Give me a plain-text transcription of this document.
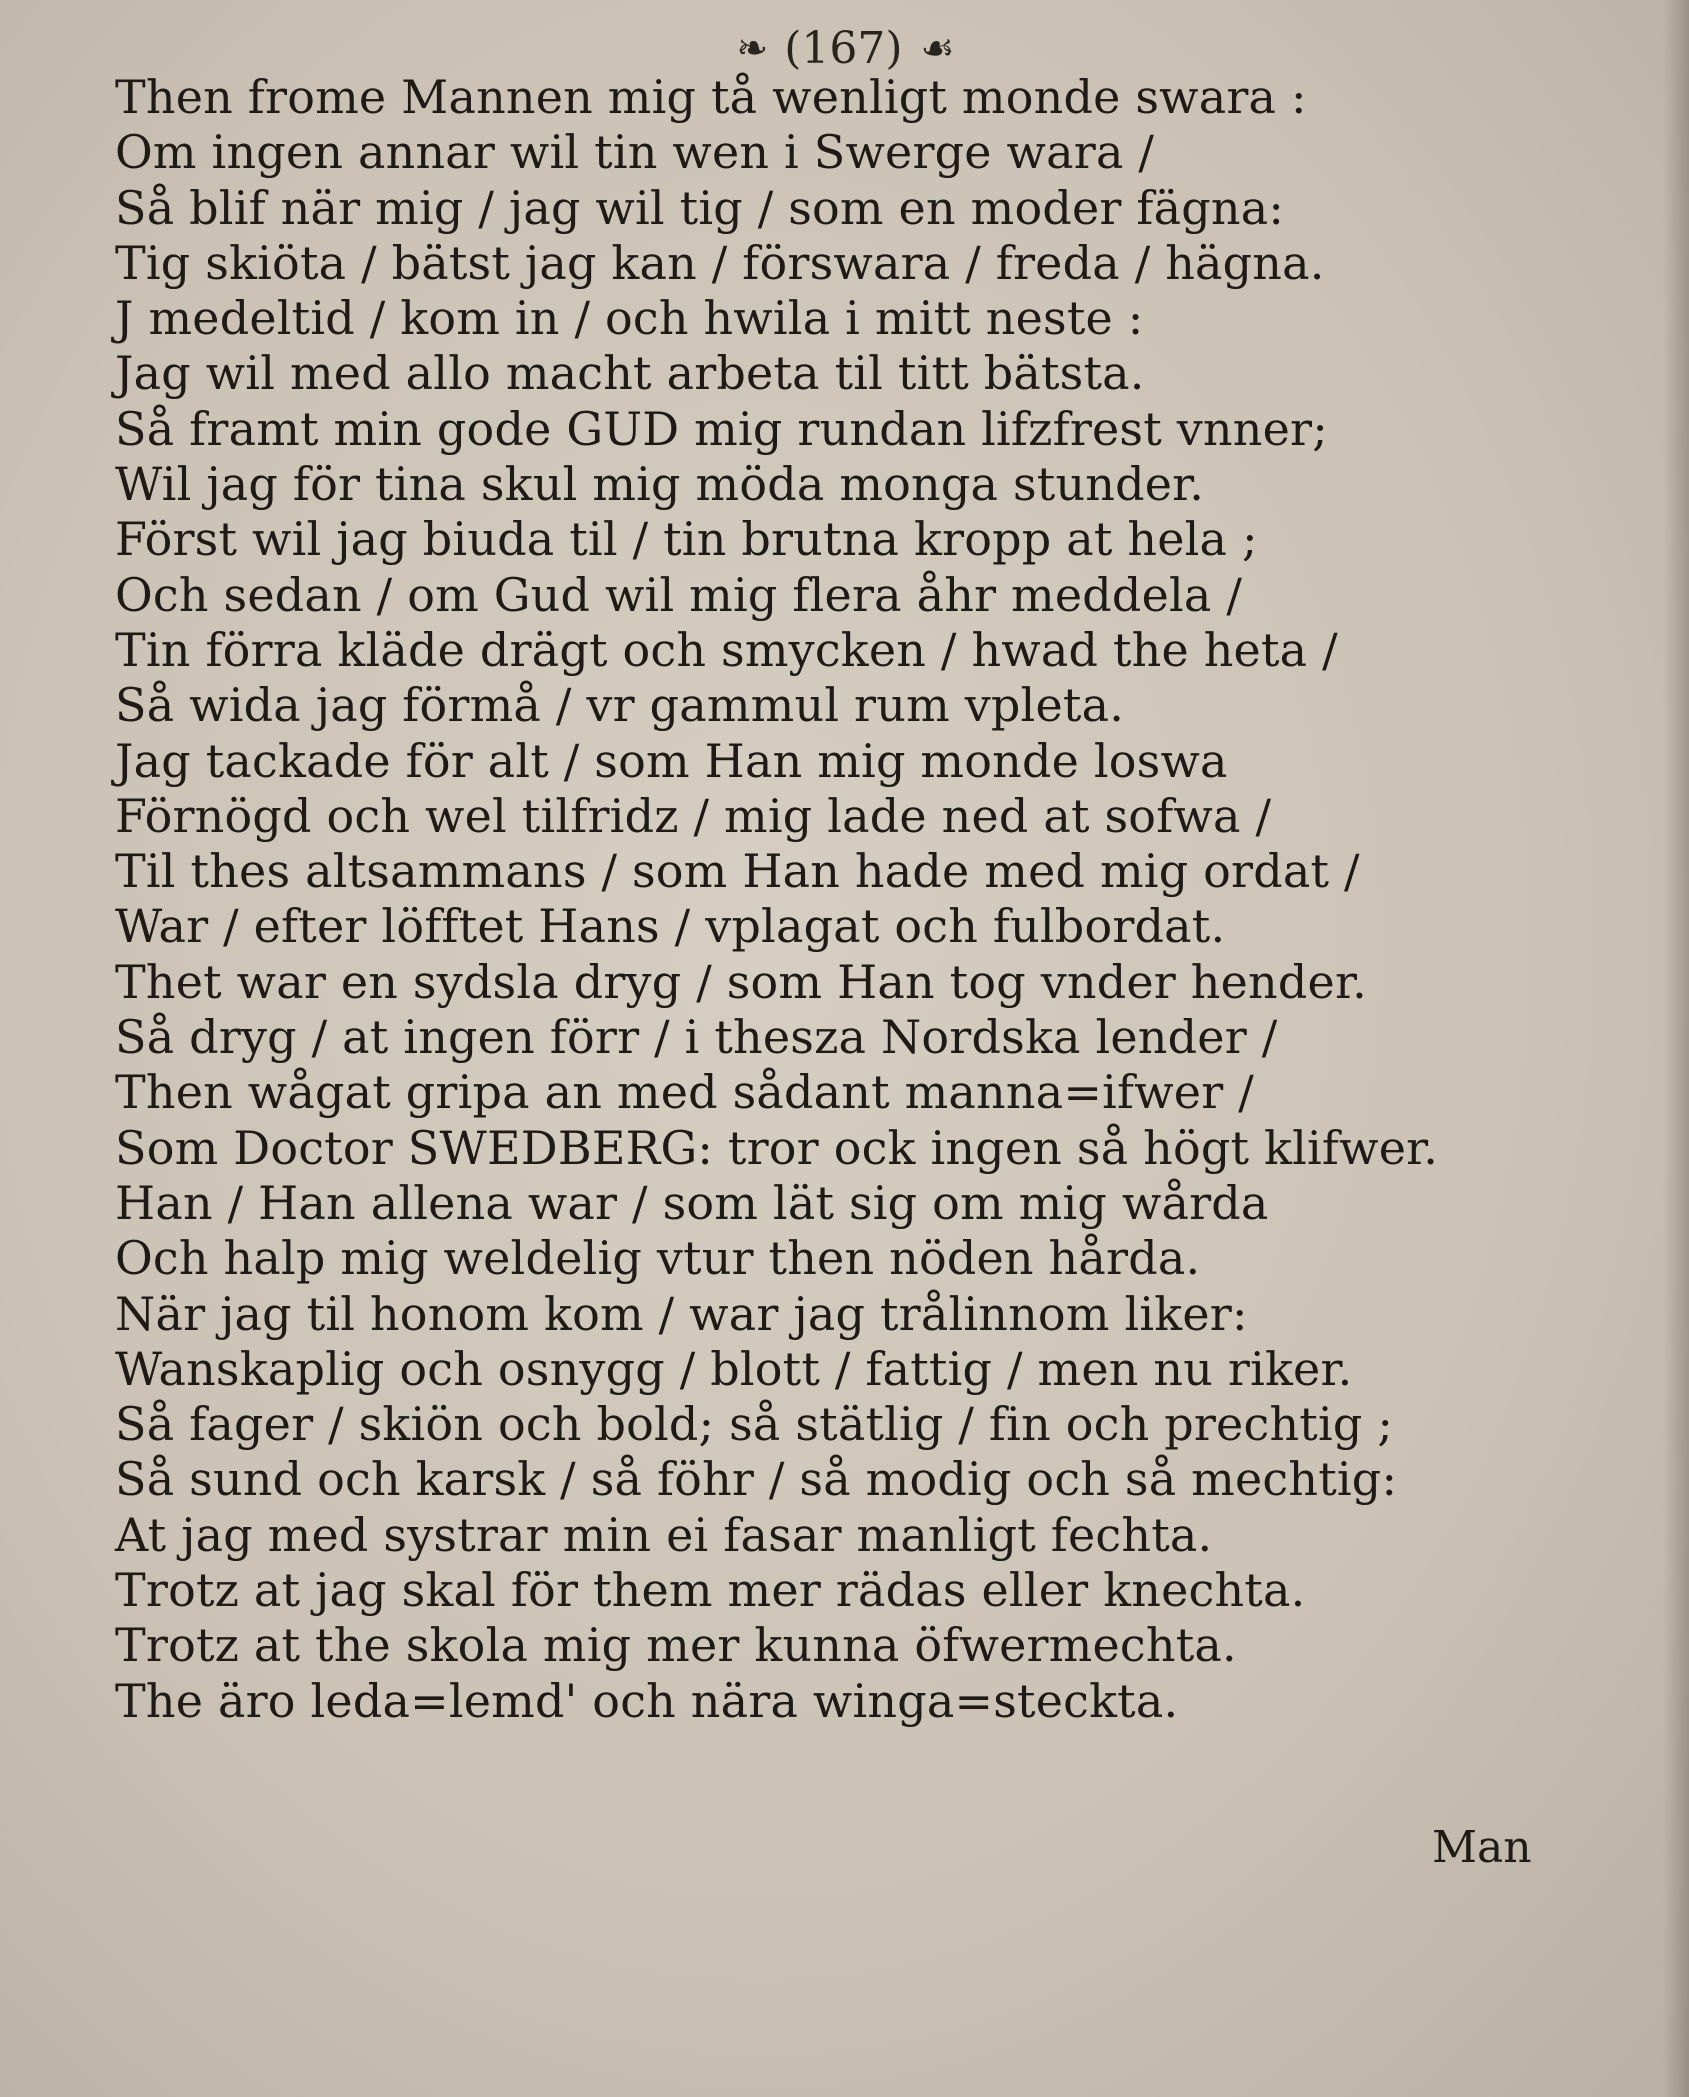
❧ (167) ☙
Then frome Mannen mig tå wenligt monde swara :
Om ingen annar wil tin wen i Swerge wara /
Så blif när mig / jag wil tig / som en moder fägna:
Tig skiöta / bätst jag kan / förswara / freda / hägna.
J medeltid / kom in / och hwila i mitt neste :
Jag wil med allo macht arbeta til titt bätsta.
Så framt min gode GUD mig rundan lifzfrest vnner;
Wil jag för tina skul mig möda monga stunder.
Först wil jag biuda til / tin brutna kropp at hela ;
Och sedan / om Gud wil mig flera åhr meddela /
Tin förra kläde drägt och smycken / hwad the heta /
Så wida jag förmå / vr gammul rum vpleta.
Jag tackade för alt / som Han mig monde loswa
Förnögd och wel tilfridz / mig lade ned at sofwa /
Til thes altsammans / som Han hade med mig ordat /
War / efter löfftet Hans / vplagat och fulbordat.
Thet war en sydsla dryg / som Han tog vnder hender.
Så dryg / at ingen förr / i thesza Nordska lender /
Then wågat gripa an med sådant manna=ifwer /
Som Doctor SWEDBERG: tror ock ingen så högt klifwer.
Han / Han allena war / som lät sig om mig wårda
Och halp mig weldelig vtur then nöden hårda.
När jag til honom kom / war jag trålinnom liker:
Wanskaplig och osnygg / blott / fattig / men nu riker.
Så fager / skiön och bold; så stätlig / fin och prechtig ;
Så sund och karsk / så föhr / så modig och så mechtig:
At jag med systrar min ei fasar manligt fechta.
Trotz at jag skal för them mer rädas eller knechta.
Trotz at the skola mig mer kunna öfwermechta.
The äro leda=lemd' och nära winga=steckta.
Man
